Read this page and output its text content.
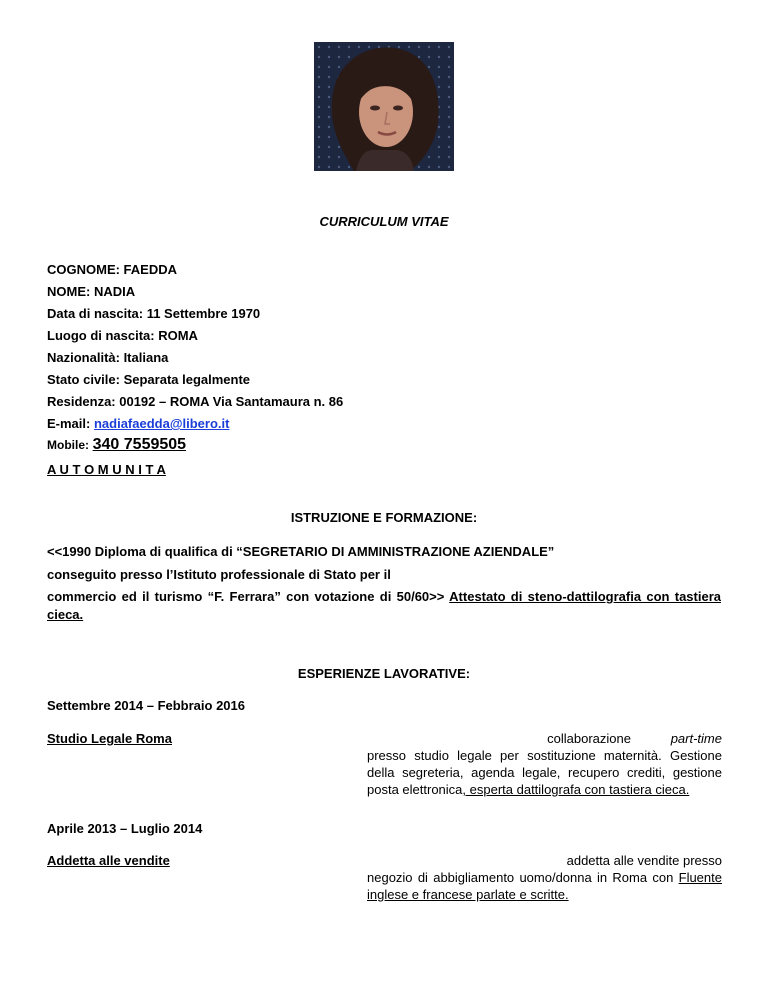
CURRICULUM VITAE
COGNOME: FAEDDA
NOME: NADIA
Data di nascita: 11 Settembre 1970
Luogo di nascita: ROMA
Nazionalità: Italiana
Stato civile: Separata legalmente
Residenza: 00192 – ROMA Via Santamaura n. 86
E-mail: nadiafaedda@libero.it
Mobile: 340 7559505
A U T O M U N I T A
ISTRUZIONE E FORMAZIONE:
<<1990 Diploma di qualifica di “SEGRETARIO DI AMMINISTRAZIONE AZIENDALE”
conseguito presso l’Istituto professionale di Stato per il
commercio ed il turismo “F. Ferrara” con votazione di 50/60>> Attestato di steno-dattilografia con tastiera cieca.
ESPERIENZE LAVORATIVE:
Settembre 2014 – Febbraio 2016
Studio Legale Roma	collaborazione	part-time
presso studio legale per sostituzione maternità. Gestione della segreteria, agenda legale, recupero crediti, gestione posta elettronica, esperta dattilografa con tastiera cieca.
Aprile 2013 – Luglio 2014
Addetta alle vendite	addetta alle vendite presso
negozio di abbigliamento uomo/donna in Roma con Fluente inglese e francese parlate e scritte.
